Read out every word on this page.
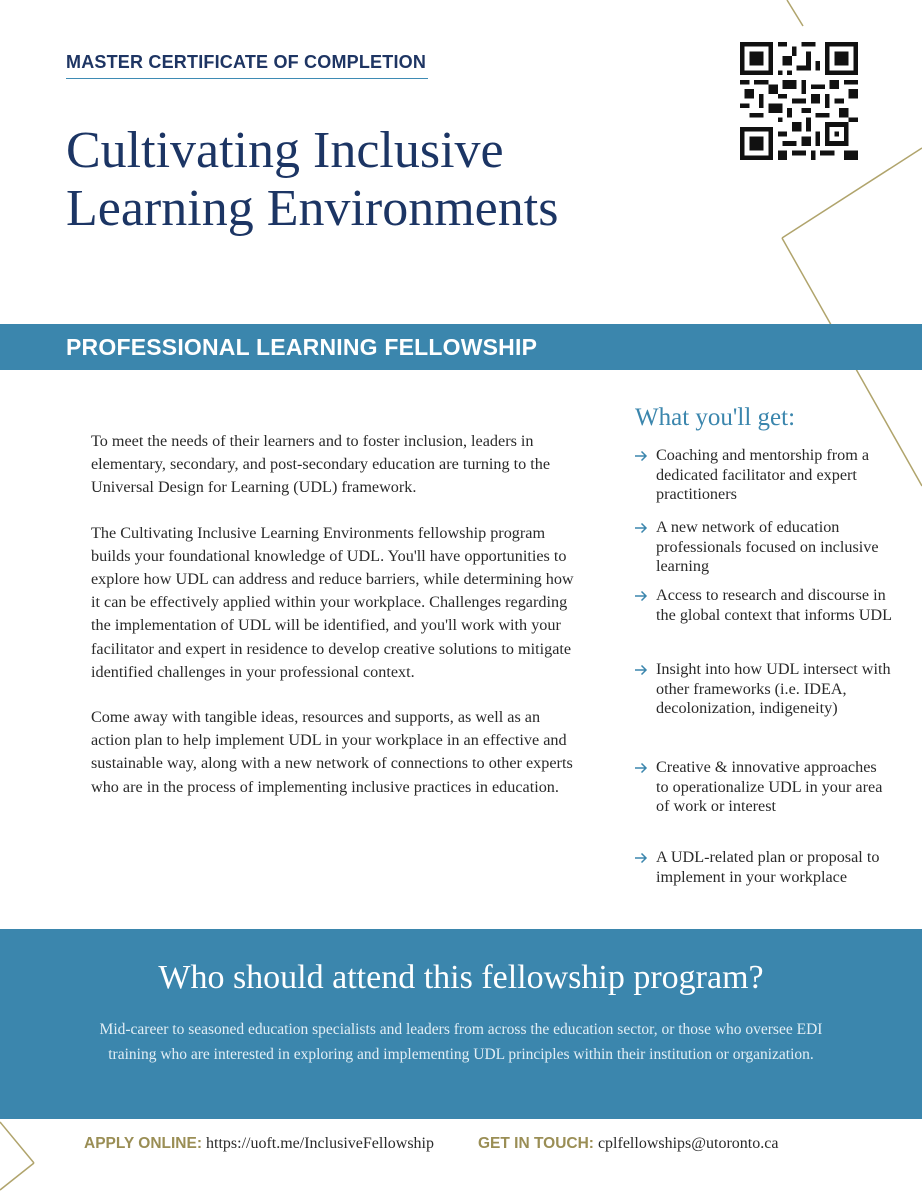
MASTER CERTIFICATE OF COMPLETION
Cultivating Inclusive
Learning Environments
PROFESSIONAL LEARNING FELLOWSHIP

To meet the needs of their learners and to foster inclusion, leaders in elementary, secondary, and post-secondary education are turning to the Universal Design for Learning (UDL) framework.

The Cultivating Inclusive Learning Environments fellowship program builds your foundational knowledge of UDL. You'll have opportunities to explore how UDL can address and reduce barriers, while determining how it can be effectively applied within your workplace. Challenges regarding the implementation of UDL will be identified, and you'll work with your facilitator and expert in residence to develop creative solutions to mitigate identified challenges in your professional context.

Come away with tangible ideas, resources and supports, as well as an action plan to help implement UDL in your workplace in an effective and sustainable way, along with a new network of connections to other experts who are in the process of implementing inclusive practices in education.

What you'll get:
Coaching and mentorship from a dedicated facilitator and expert practitioners
A new network of education professionals focused on inclusive learning
Access to research and discourse in the global context that informs UDL
Insight into how UDL intersect with other frameworks (i.e. IDEA, decolonization, indigeneity)
Creative & innovative approaches to operationalize UDL in your area of work or interest
A UDL-related plan or proposal to implement in your workplace
Who should attend this fellowship program?
Mid-career to seasoned education specialists and leaders from across the education sector, or those who oversee EDI training who are interested in exploring and implementing UDL principles within their institution or organization.
APPLY ONLINE: https://uoft.me/InclusiveFellowship	GET IN TOUCH: cplfellowships@utoronto.ca
